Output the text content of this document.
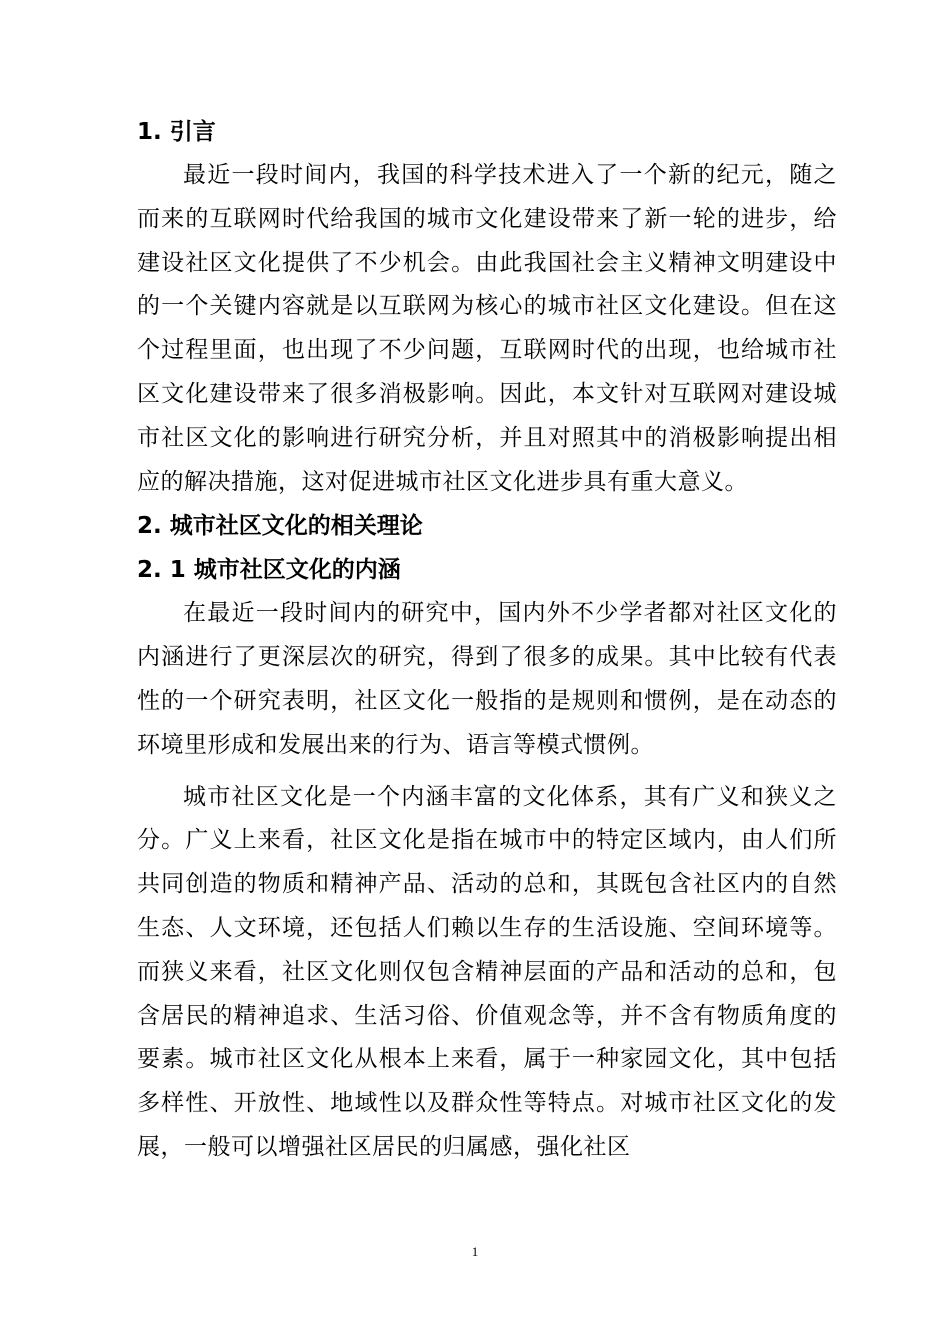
1. 引言

最近一段时间内，我国的科学技术进入了一个新的纪元，随之而来的互联网时代给我国的城市文化建设带来了新一轮的进步，给建设社区文化提供了不少机会。由此我国社会主义精神文明建设中的一个关键内容就是以互联网为核心的城市社区文化建设。但在这个过程里面，也出现了不少问题，互联网时代的出现，也给城市社区文化建设带来了很多消极影响。因此，本文针对互联网对建设城市社区文化的影响进行研究分析，并且对照其中的消极影响提出相应的解决措施，这对促进城市社区文化进步具有重大意义。

2. 城市社区文化的相关理论
2. 1 城市社区文化的内涵

在最近一段时间内的研究中，国内外不少学者都对社区文化的内涵进行了更深层次的研究，得到了很多的成果。其中比较有代表性的一个研究表明，社区文化一般指的是规则和惯例，是在动态的环境里形成和发展出来的行为、语言等模式惯例。

城市社区文化是一个内涵丰富的文化体系，其有广义和狭义之分。广义上来看，社区文化是指在城市中的特定区域内，由人们所共同创造的物质和精神产品、活动的总和，其既包含社区内的自然生态、人文环境，还包括人们赖以生存的生活设施、空间环境等。而狭义来看，社区文化则仅包含精神层面的产品和活动的总和，包含居民的精神追求、生活习俗、价值观念等，并不含有物质角度的要素。城市社区文化从根本上来看，属于一种家园文化，其中包括多样性、开放性、地域性以及群众性等特点。对城市社区文化的发展，一般可以增强社区居民的归属感，强化社区

1
